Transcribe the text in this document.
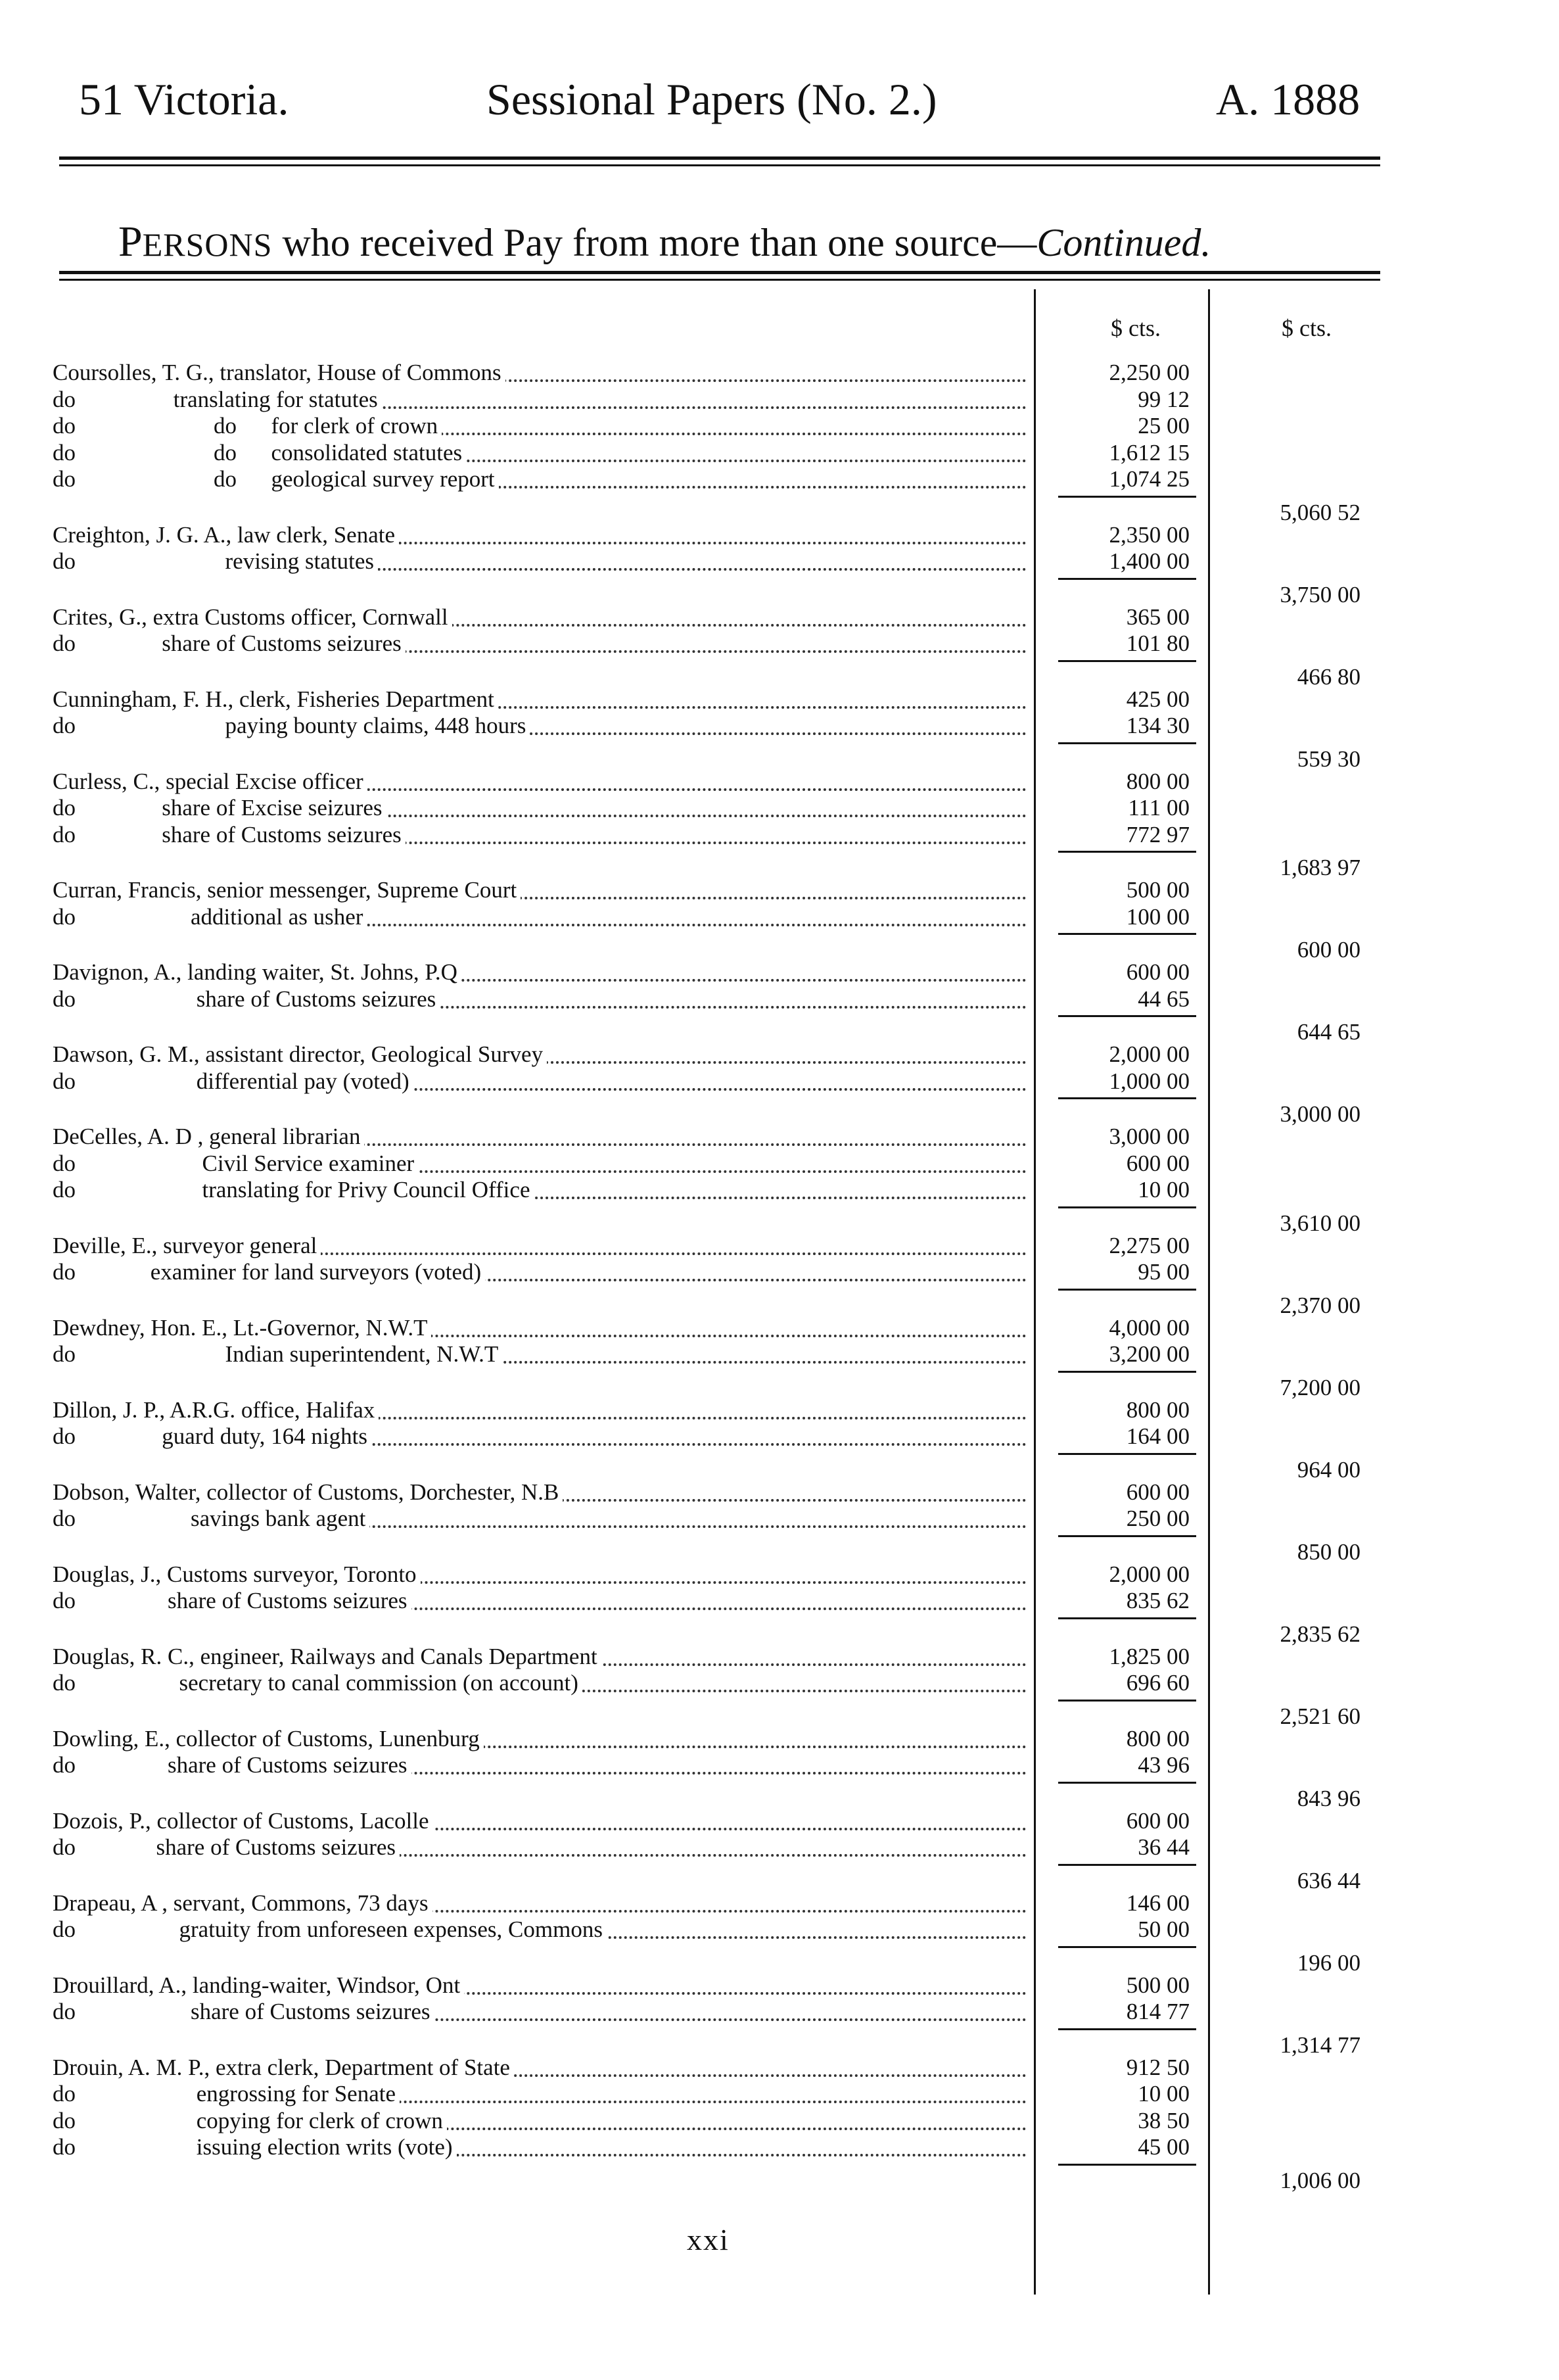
51 Victoria.	Sessional Papers (No. 2.)	A. 1888
PERSONS who received Pay from more than one source—Continued.
$ cts.	$ cts.
Coursolles, T. G., translator, House of Commons	2,250 00
do                 translating for statutes	99 12
do                        do      for clerk of crown	25 00
do                        do      consolidated statutes	1,612 15
do                        do      geological survey report	1,074 25
5,060 52
Creighton, J. G. A., law clerk, Senate	2,350 00
do                          revising statutes	1,400 00
3,750 00
Crites, G., extra Customs officer, Cornwall	365 00
do               share of Customs seizures	101 80
466 80
Cunningham, F. H., clerk, Fisheries Department	425 00
do                          paying bounty claims, 448 hours	134 30
559 30
Curless, C., special Excise officer	800 00
do               share of Excise seizures	111 00
do               share of Customs seizures	772 97
1,683 97
Curran, Francis, senior messenger, Supreme Court	500 00
do                    additional as usher	100 00
600 00
Davignon, A., landing waiter, St. Johns, P.Q	600 00
do                     share of Customs seizures	44 65
644 65
Dawson, G. M., assistant director, Geological Survey	2,000 00
do                     differential pay (voted)	1,000 00
3,000 00
DeCelles, A. D , general librarian	3,000 00
do                      Civil Service examiner	600 00
do                      translating for Privy Council Office	10 00
3,610 00
Deville, E., surveyor general	2,275 00
do             examiner for land surveyors (voted)	95 00
2,370 00
Dewdney, Hon. E., Lt.-Governor, N.W.T	4,000 00
do                          Indian superintendent, N.W.T	3,200 00
7,200 00
Dillon, J. P., A.R.G. office, Halifax	800 00
do               guard duty, 164 nights	164 00
964 00
Dobson, Walter, collector of Customs, Dorchester, N.B	600 00
do                    savings bank agent	250 00
850 00
Douglas, J., Customs surveyor, Toronto	2,000 00
do                share of Customs seizures	835 62
2,835 62
Douglas, R. C., engineer, Railways and Canals Department	1,825 00
do                  secretary to canal commission (on account)	696 60
2,521 60
Dowling, E., collector of Customs, Lunenburg	800 00
do                share of Customs seizures	43 96
843 96
Dozois, P., collector of Customs, Lacolle	600 00
do              share of Customs seizures	36 44
636 44
Drapeau, A , servant, Commons, 73 days	146 00
do                  gratuity from unforeseen expenses, Commons	50 00
196 00
Drouillard, A., landing-waiter, Windsor, Ont	500 00
do                    share of Customs seizures	814 77
1,314 77
Drouin, A. M. P., extra clerk, Department of State	912 50
do                     engrossing for Senate	10 00
do                     copying for clerk of crown	38 50
do                     issuing election writs (vote)	45 00
1,006 00
xxi
